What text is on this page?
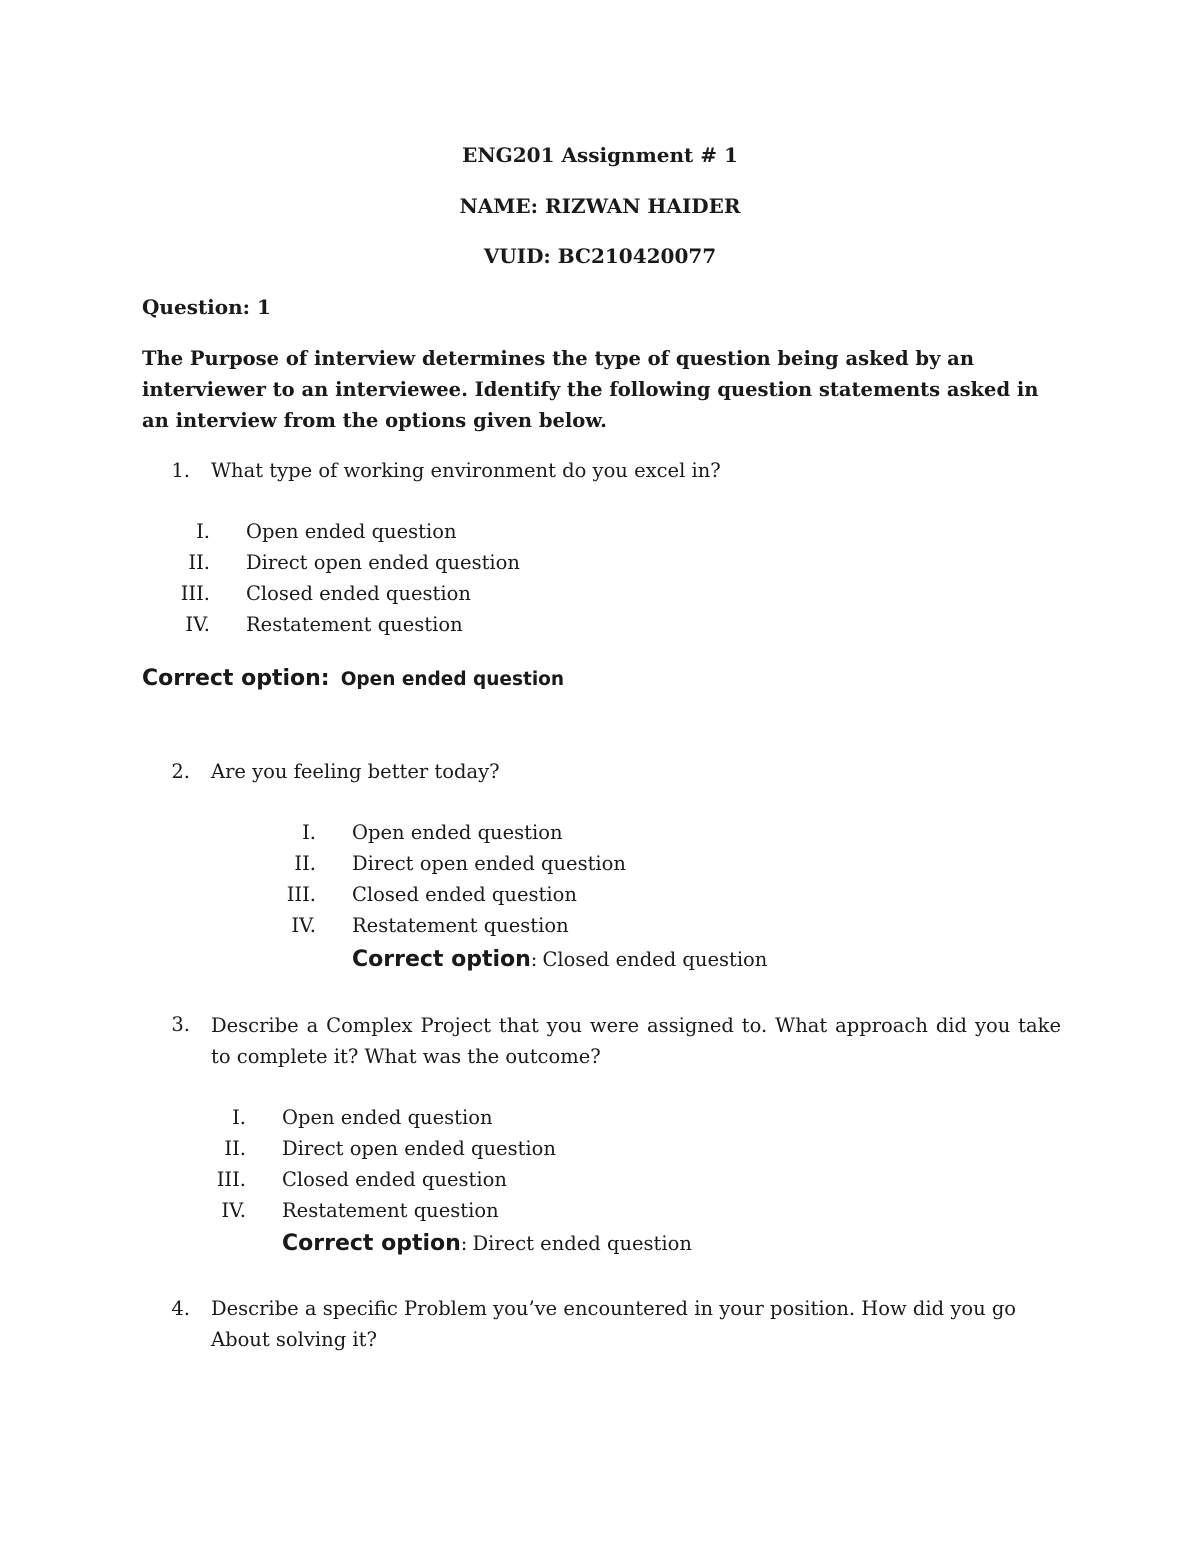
ENG201 Assignment # 1
NAME: RIZWAN HAIDER
VUID: BC210420077
Question: 1
The Purpose of interview determines the type of question being asked by an interviewer to an interviewee. Identify the following question statements asked in an interview from the options given below.
1. What type of working environment do you excel in?
I. Open ended question
II. Direct open ended question
III. Closed ended question
IV. Restatement question
Correct option: Open ended question
2. Are you feeling better today?
I. Open ended question
II. Direct open ended question
III. Closed ended question
IV. Restatement question
Correct option: Closed ended question
3. Describe a Complex Project that you were assigned to. What approach did you take to complete it? What was the outcome?
I. Open ended question
II. Direct open ended question
III. Closed ended question
IV. Restatement question
Correct option: Direct ended question
4. Describe a specific Problem you’ve encountered in your position. How did you go
About solving it?
